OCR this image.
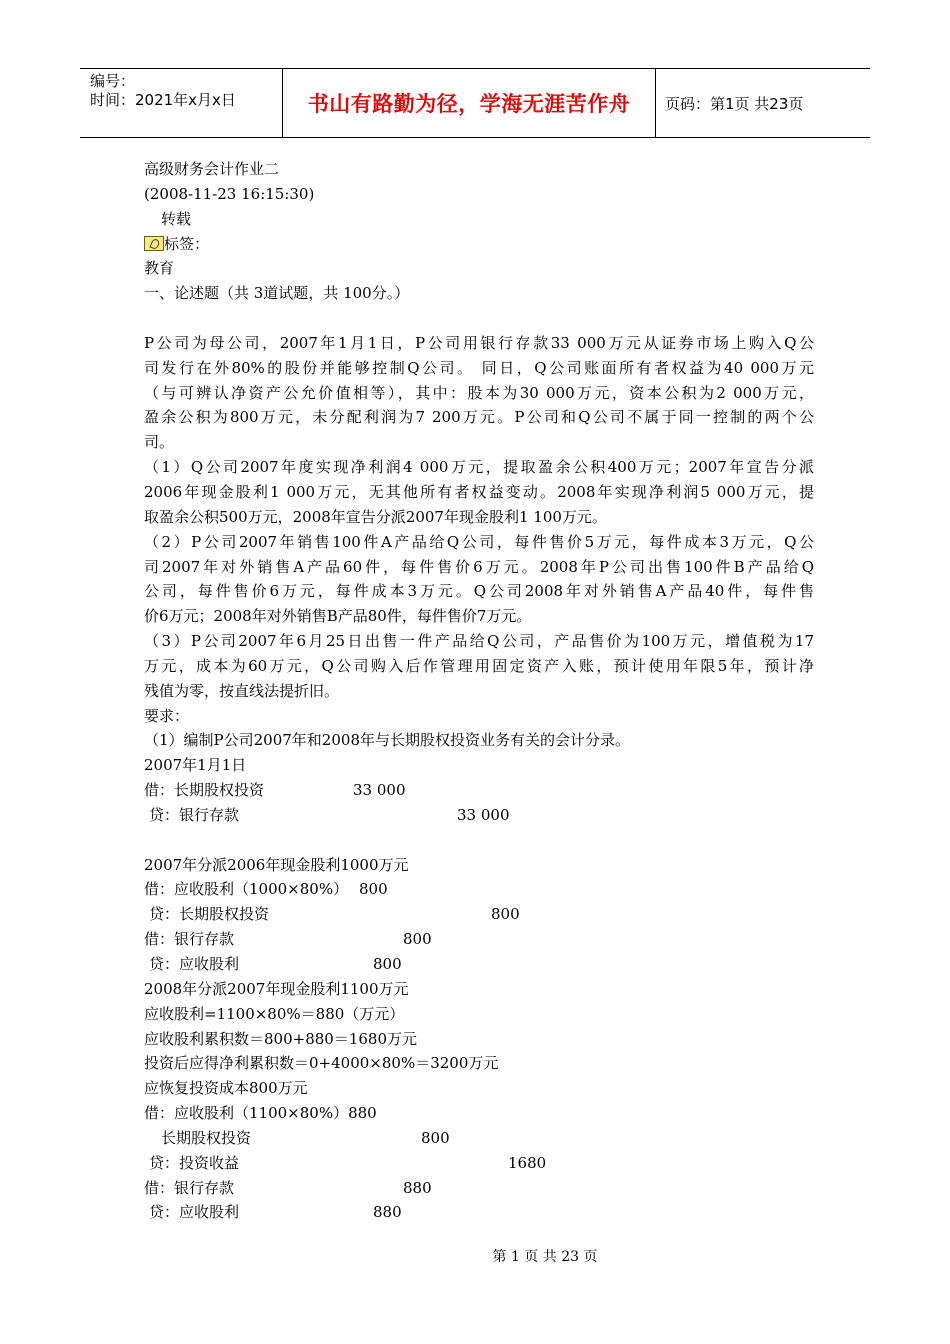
编号：
时间：2021年x月x日	书山有路勤为径，学海无涯苦作舟	页码：第1页 共23页
高级财务会计作业二
(2008-11-23 16:15:30)
转载
标签：
教育
一、论述题（共 3道试题，共 100分。）
P公司为母公司，2007年1月1日，P公司用银行存款33 000万元从证券市场上购入Q公
司发行在外80%的股份并能够控制Q公司。 同日，Q公司账面所有者权益为40 000万元
（与可辨认净资产公允价值相等），其中：股本为30 000万元，资本公积为2 000万元，
盈余公积为800万元，未分配利润为7 200万元。P公司和Q公司不属于同一控制的两个公
司。
（1）Q公司2007年度实现净利润4 000万元，提取盈余公积400万元；2007年宣告分派
2006年现金股利1 000万元，无其他所有者权益变动。2008年实现净利润5 000万元，提
取盈余公积500万元，2008年宣告分派2007年现金股利1 100万元。
（2）P公司2007年销售100件A产品给Q公司，每件售价5万元，每件成本3万元，Q公
司2007年对外销售A产品60件，每件售价6万元。2008年P公司出售100件B产品给Q
公司，每件售价6万元，每件成本3万元。Q公司2008年对外销售A产品40件，每件售
价6万元；2008年对外销售B产品80件，每件售价7万元。
（3）P公司2007年6月25日出售一件产品给Q公司，产品售价为100万元，增值税为17
万元，成本为60万元，Q公司购入后作管理用固定资产入账，预计使用年限5年，预计净
残值为零，按直线法提折旧。
要求：
（1）编制P公司2007年和2008年与长期股权投资业务有关的会计分录。
2007年1月1日
借：长期股权投资	33 000
贷：银行存款	33 000
2007年分派2006年现金股利1000万元
借：应收股利（1000×80%） 800
贷：长期股权投资	800
借：银行存款	800
贷：应收股利	800
2008年分派2007年现金股利1100万元
应收股利=1100×80%＝880（万元）
应收股利累积数＝800+880＝1680万元
投资后应得净利累积数＝0+4000×80%＝3200万元
应恢复投资成本800万元
借：应收股利（1100×80%）880
长期股权投资	800
贷：投资收益	1680
借：银行存款	880
贷：应收股利	880
第 1 页 共 23 页
